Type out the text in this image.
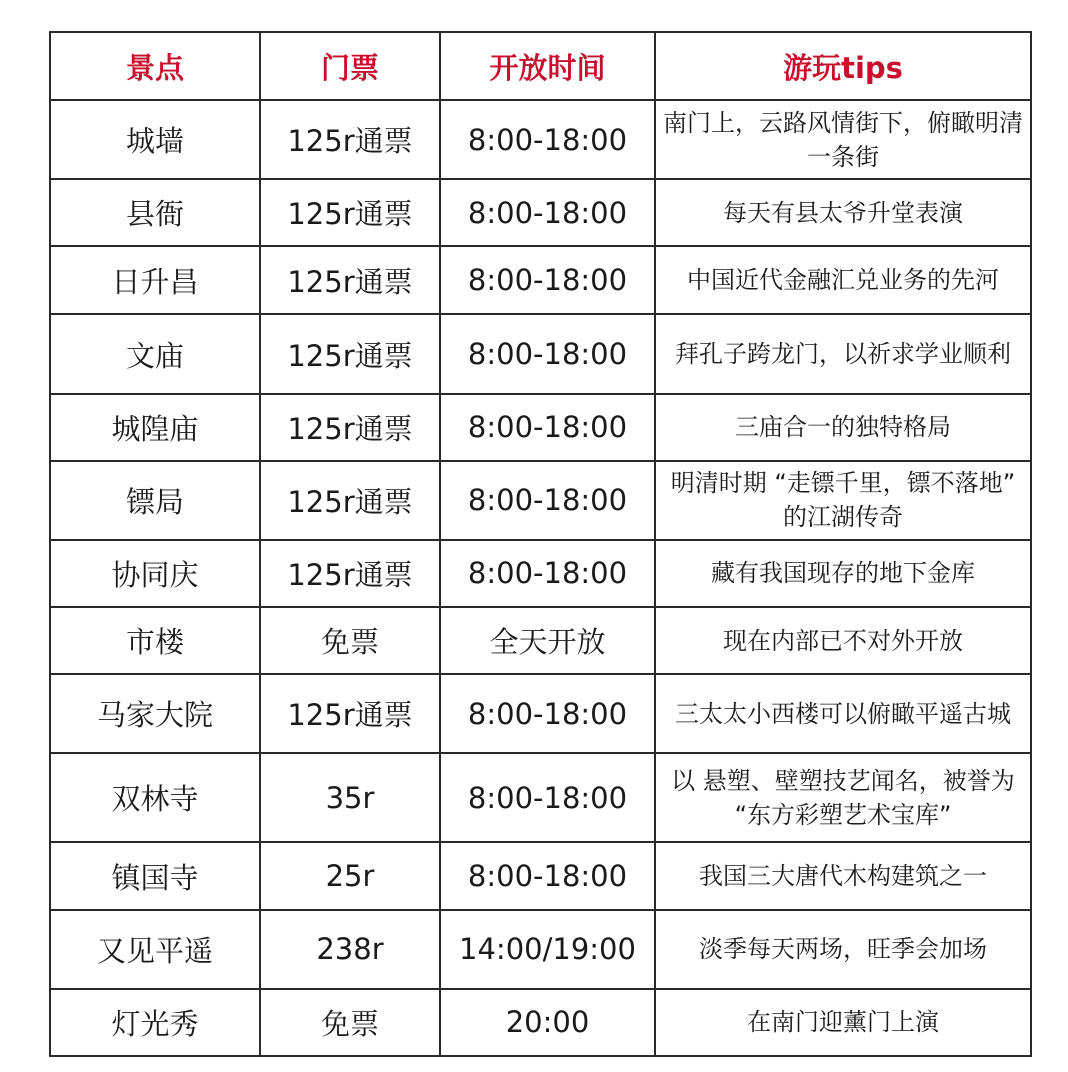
景点	门票	开放时间	游玩tips
城墙	125r通票	8:00-18:00	南门上，云路风情街下，俯瞰明清一条街
县衙	125r通票	8:00-18:00	每天有县太爷升堂表演
日升昌	125r通票	8:00-18:00	中国近代金融汇兑业务的先河
文庙	125r通票	8:00-18:00	拜孔子跨龙门，以祈求学业顺利
城隍庙	125r通票	8:00-18:00	三庙合一的独特格局
镖局	125r通票	8:00-18:00	明清时期 “走镖千里，镖不落地” 的江湖传奇
协同庆	125r通票	8:00-18:00	藏有我国现存的地下金库
市楼	免票	全天开放	现在内部已不对外开放
马家大院	125r通票	8:00-18:00	三太太小西楼可以俯瞰平遥古城
双林寺	35r	8:00-18:00	以 悬塑、壁塑技艺闻名，被誉为 “东方彩塑艺术宝库”
镇国寺	25r	8:00-18:00	我国三大唐代木构建筑之一
又见平遥	238r	14:00/19:00	淡季每天两场，旺季会加场
灯光秀	免票	20:00	在南门迎薰门上演
